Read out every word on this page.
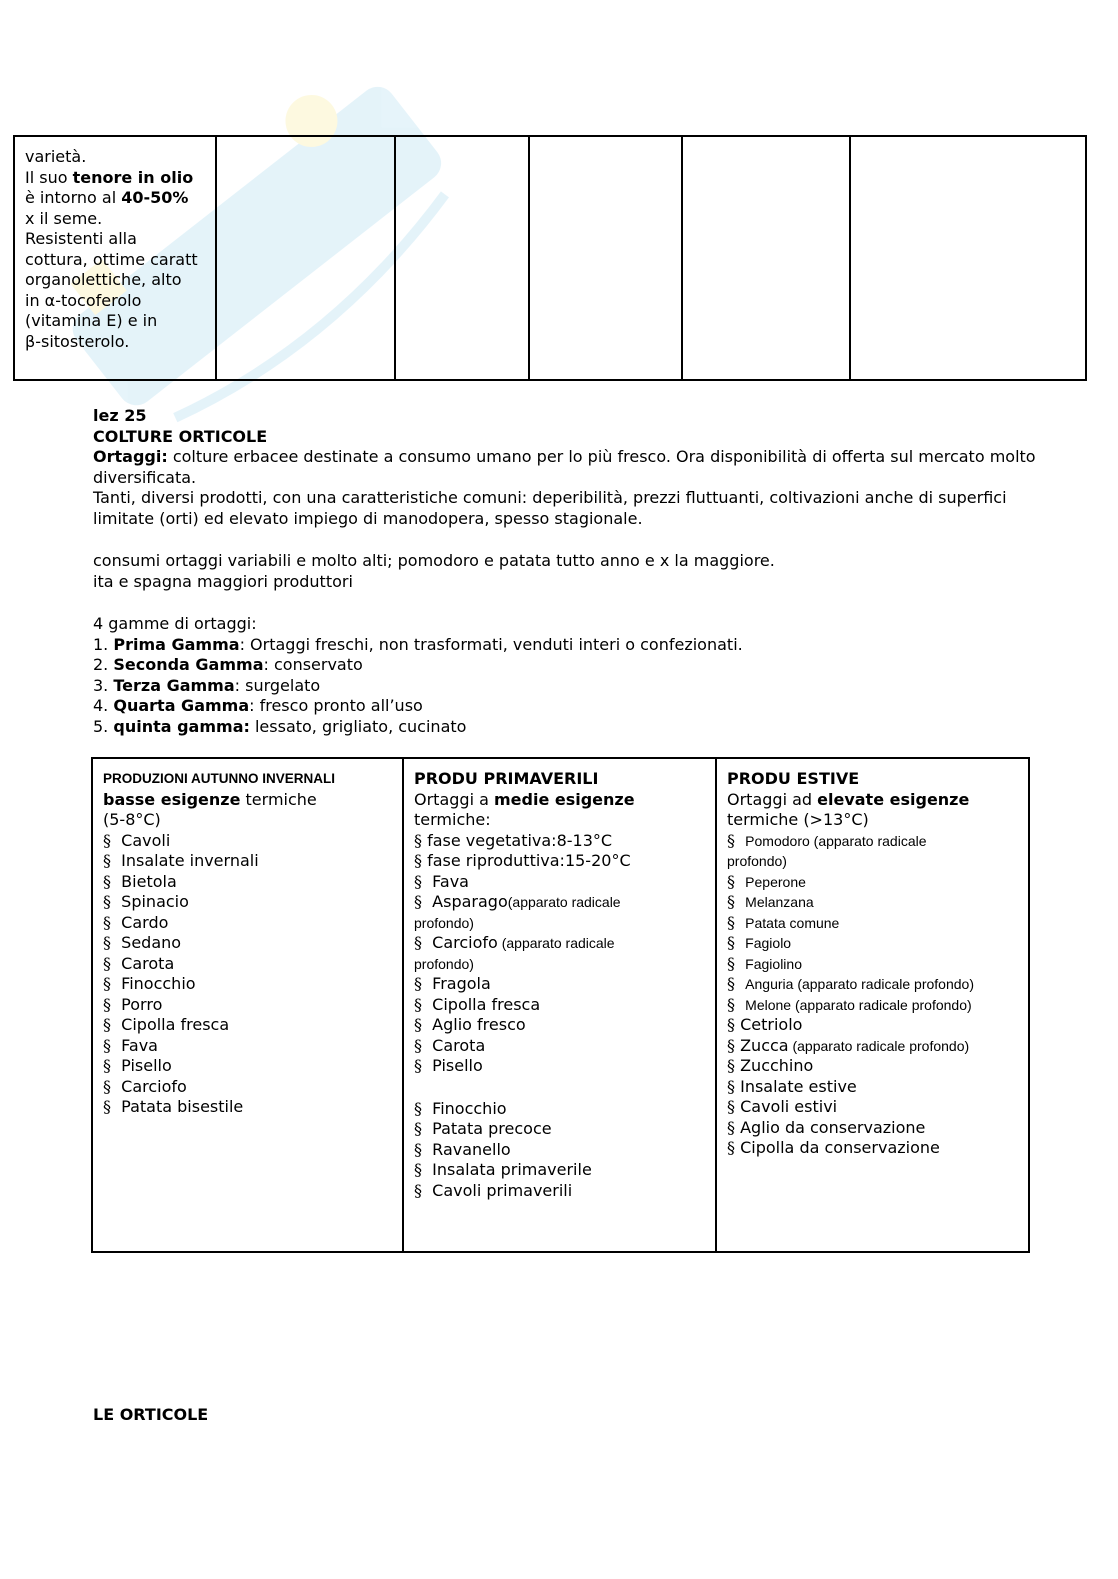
varietà.
Il suo tenore in olio
è intorno al 40-50%
x il seme.
Resistenti alla
cottura, ottime caratt
organolettiche, alto
in α-tocoferolo
(vitamina E) e in
β-sitosterolo.

lez 25
COLTURE ORTICOLE
Ortaggi: colture erbacee destinate a consumo umano per lo più fresco. Ora disponibilità di offerta sul mercato molto diversificata.
Tanti, diversi prodotti, con una caratteristiche comuni: deperibilità, prezzi fluttuanti, coltivazioni anche di superfici limitate (orti) ed elevato impiego di manodopera, spesso stagionale.
consumi ortaggi variabili e molto alti; pomodoro e patata tutto anno e x la maggiore.
ita e spagna maggiori produttori
4 gamme di ortaggi:
1. Prima Gamma: Ortaggi freschi, non trasformati, venduti interi o confezionati.
2. Seconda Gamma: conservato
3. Terza Gamma: surgelato
4. Quarta Gamma: fresco pronto all’uso
5. quinta gamma: lessato, grigliato, cucinato
PRODUZIONI AUTUNNO INVERNALI
basse esigenze termiche
(5-8°C)
§ Cavoli
§ Insalate invernali
§ Bietola
§ Spinacio
§ Cardo
§ Sedano
§ Carota
§ Finocchio
§ Porro
§ Cipolla fresca
§ Fava
§ Pisello
§ Carciofo
§ Patata bisestile

PRODU PRIMAVERILI
Ortaggi a medie esigenze
termiche:
§ fase vegetativa:8-13°C
§ fase riproduttiva:15-20°C
§ Fava
§ Asparago(apparato radicale
profondo)
§ Carciofo (apparato radicale
profondo)
§ Fragola
§ Cipolla fresca
§ Aglio fresco
§ Carota
§ Pisello
§ Finocchio
§ Patata precoce
§ Ravanello
§ Insalata primaverile
§ Cavoli primaverili

PRODU ESTIVE
Ortaggi ad elevate esigenze
termiche (>13°C)
§ Pomodoro (apparato radicale
profondo)
§ Peperone
§ Melanzana
§ Patata comune
§ Fagiolo
§ Fagiolino
§ Anguria (apparato radicale profondo)
§ Melone (apparato radicale profondo)
§ Cetriolo
§ Zucca (apparato radicale profondo)
§ Zucchino
§ Insalate estive
§ Cavoli estivi
§ Aglio da conservazione
§ Cipolla da conservazione
LE ORTICOLE
